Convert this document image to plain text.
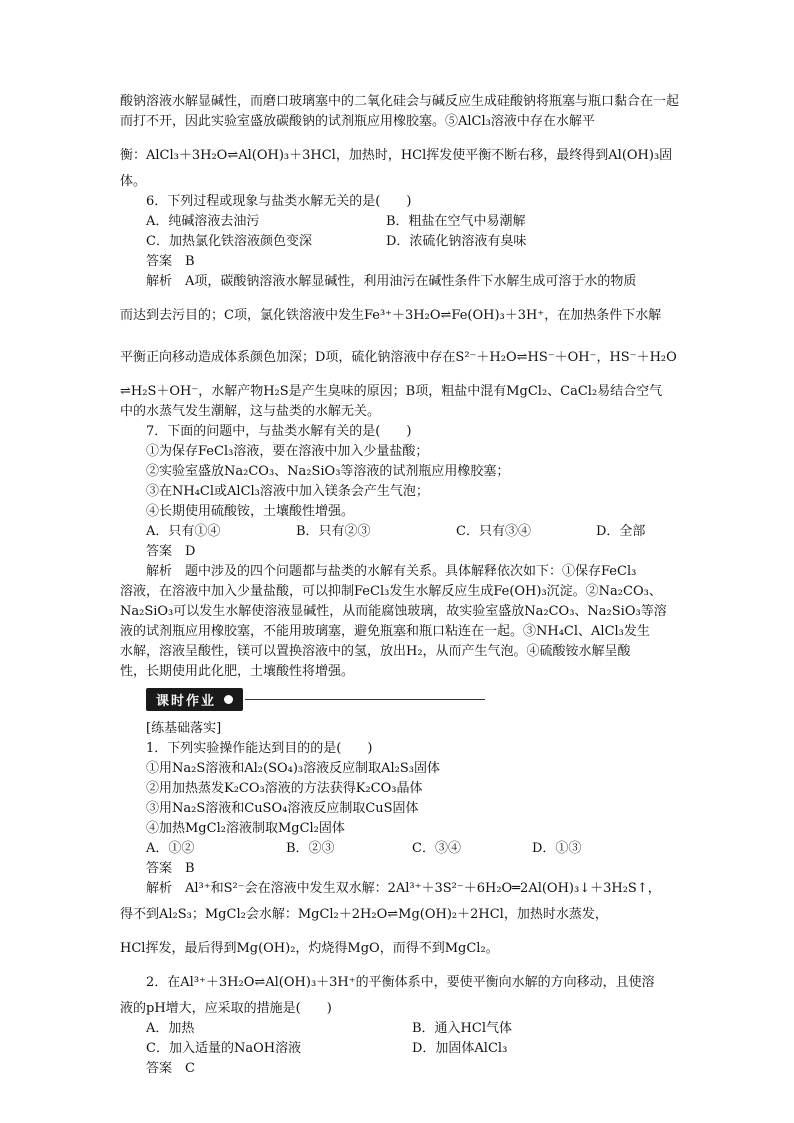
酸钠溶液水解显碱性，而磨口玻璃塞中的二氧化硅会与碱反应生成硅酸钠将瓶塞与瓶口黏合在一起而打不开，因此实验室盛放碳酸钠的试剂瓶应用橡胶塞。⑤AlCl₃溶液中存在水解平

衡：AlCl₃＋3H₂O⇌Al(OH)₃＋3HCl，加热时，HCl挥发使平衡不断右移，最终得到Al(OH)₃固

体。

6．下列过程或现象与盐类水解无关的是(　　)

A．纯碱溶液去油污	B．粗盐在空气中易潮解
C．加热氯化铁溶液颜色变深	D．浓硫化钠溶液有臭味

答案　B

解析　A项，碳酸钠溶液水解显碱性，利用油污在碱性条件下水解生成可溶于水的物质

而达到去污目的；C项，氯化铁溶液中发生Fe³⁺＋3H₂O⇌Fe(OH)₃＋3H⁺，在加热条件下水解

平衡正向移动造成体系颜色加深；D项，硫化钠溶液中存在S²⁻＋H₂O⇌HS⁻＋OH⁻，HS⁻＋H₂O

⇌H₂S＋OH⁻，水解产物H₂S是产生臭味的原因；B项，粗盐中混有MgCl₂、CaCl₂易结合空气

中的水蒸气发生潮解，这与盐类的水解无关。

7．下面的问题中，与盐类水解有关的是(　　)

①为保存FeCl₃溶液，要在溶液中加入少量盐酸；

②实验室盛放Na₂CO₃、Na₂SiO₃等溶液的试剂瓶应用橡胶塞；

③在NH₄Cl或AlCl₃溶液中加入镁条会产生气泡；

④长期使用硫酸铵，土壤酸性增强。

A．只有①④	B．只有②③	C．只有③④	D．全部

答案　D

解析　题中涉及的四个问题都与盐类的水解有关系。具体解释依次如下：①保存FeCl₃

溶液，在溶液中加入少量盐酸，可以抑制FeCl₃发生水解反应生成Fe(OH)₃沉淀。②Na₂CO₃、

Na₂SiO₃可以发生水解使溶液显碱性，从而能腐蚀玻璃，故实验室盛放Na₂CO₃、Na₂SiO₃等溶

液的试剂瓶应用橡胶塞，不能用玻璃塞，避免瓶塞和瓶口粘连在一起。③NH₄Cl、AlCl₃发生

水解，溶液呈酸性，镁可以置换溶液中的氢，放出H₂，从而产生气泡。④硫酸铵水解呈酸

性，长期使用此化肥，土壤酸性将增强。

课时作业

[练基础落实]

1．下列实验操作能达到目的的是(　　)

①用Na₂S溶液和Al₂(SO₄)₃溶液反应制取Al₂S₃固体

②用加热蒸发K₂CO₃溶液的方法获得K₂CO₃晶体

③用Na₂S溶液和CuSO₄溶液反应制取CuS固体

④加热MgCl₂溶液制取MgCl₂固体

A．①②	B．②③	C．③④	D．①③

答案　B

解析　Al³⁺和S²⁻会在溶液中发生双水解：2Al³⁺＋3S²⁻＋6H₂O═2Al(OH)₃↓＋3H₂S↑，

得不到Al₂S₃；MgCl₂会水解：MgCl₂＋2H₂O⇌Mg(OH)₂＋2HCl，加热时水蒸发，

HCl挥发，最后得到Mg(OH)₂，灼烧得MgO，而得不到MgCl₂。

2．在Al³⁺＋3H₂O⇌Al(OH)₃＋3H⁺的平衡体系中，要使平衡向水解的方向移动，且使溶

液的pH增大，应采取的措施是(　　)

A．加热	B．通入HCl气体
C．加入适量的NaOH溶液	D．加固体AlCl₃

答案　C
